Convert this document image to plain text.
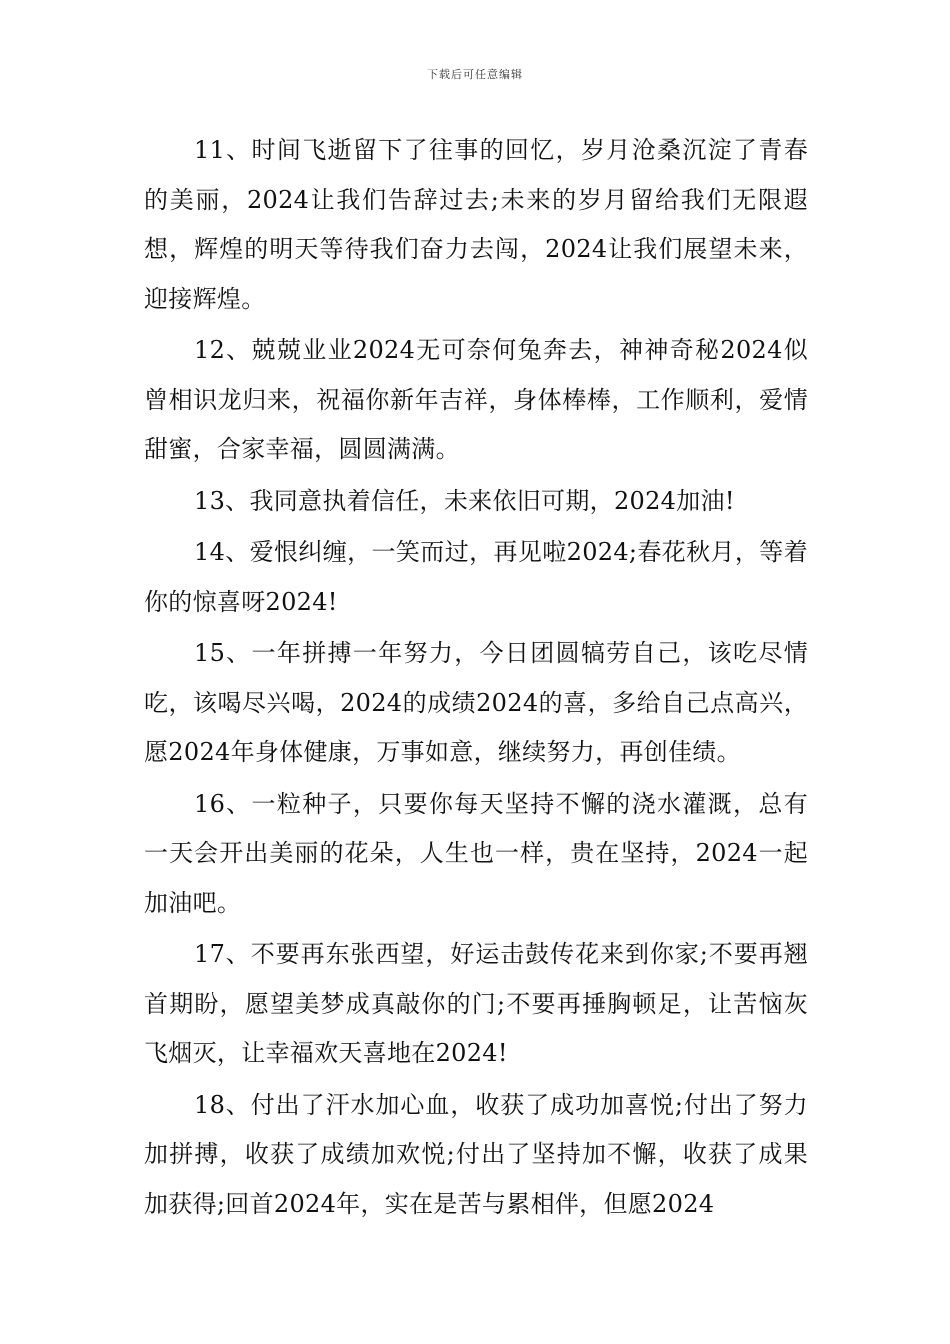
下载后可任意编辑

11、时间飞逝留下了往事的回忆，岁月沧桑沉淀了青春的美丽，2024让我们告辞过去;未来的岁月留给我们无限遐想，辉煌的明天等待我们奋力去闯，2024让我们展望未来，迎接辉煌。

12、兢兢业业2024无可奈何兔奔去，神神奇秘2024似曾相识龙归来，祝福你新年吉祥，身体棒棒，工作顺利，爱情甜蜜，合家幸福，圆圆满满。

13、我同意执着信任，未来依旧可期，2024加油!

14、爱恨纠缠，一笑而过，再见啦2024;春花秋月，等着你的惊喜呀2024!

15、一年拼搏一年努力，今日团圆犒劳自己，该吃尽情吃，该喝尽兴喝，2024的成绩2024的喜，多给自己点高兴，愿2024年身体健康，万事如意，继续努力，再创佳绩。

16、一粒种子，只要你每天坚持不懈的浇水灌溉，总有一天会开出美丽的花朵，人生也一样，贵在坚持，2024一起加油吧。

17、不要再东张西望，好运击鼓传花来到你家;不要再翘首期盼，愿望美梦成真敲你的门;不要再捶胸顿足，让苦恼灰飞烟灭，让幸福欢天喜地在2024!

18、付出了汗水加心血，收获了成功加喜悦;付出了努力加拼搏，收获了成绩加欢悦;付出了坚持加不懈，收获了成果加获得;回首2024年，实在是苦与累相伴，但愿2024
